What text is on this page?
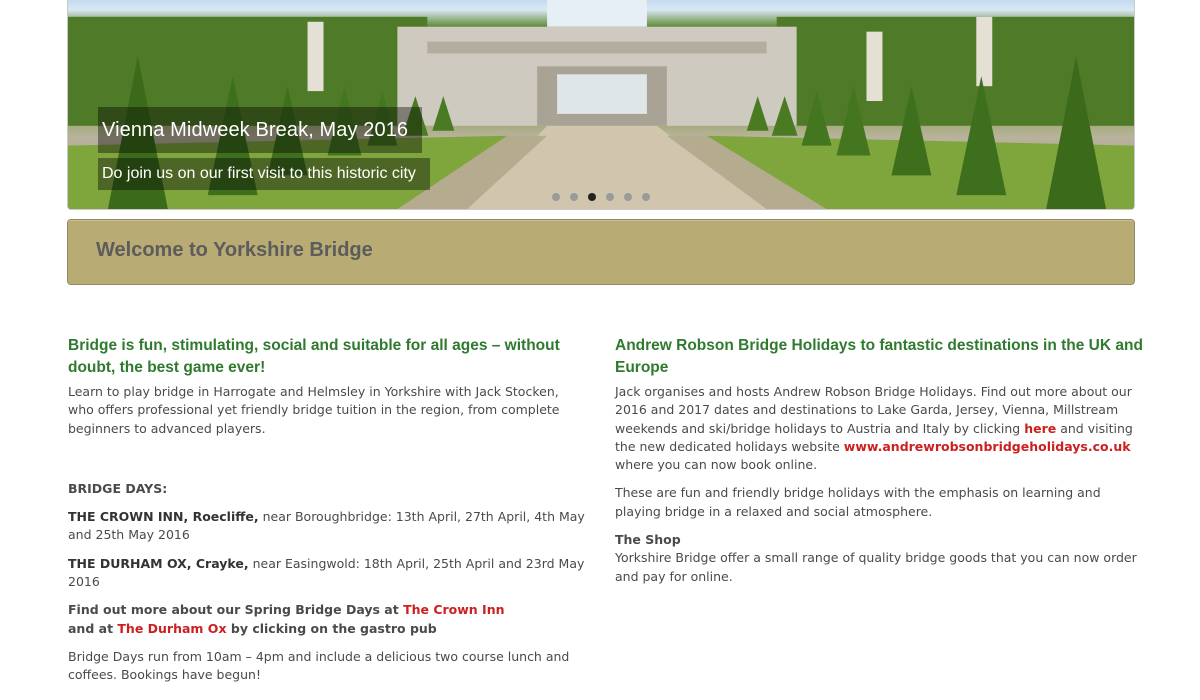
Vienna Midweek Break, May 2016
Do join us on our first visit to this historic city
Welcome to Yorkshire Bridge
Bridge is fun, stimulating, social and suitable for all ages – without doubt, the best game ever!

Learn to play bridge in Harrogate and Helmsley in Yorkshire with Jack Stocken, who offers professional yet friendly bridge tuition in the region, from complete beginners to advanced players.

BRIDGE DAYS:

THE CROWN INN, Roecliffe, near Boroughbridge: 13th April, 27th April, 4th May and 25th May 2016

THE DURHAM OX, Crayke, near Easingwold: 18th April, 25th April and 23rd May 2016

Find out more about our Spring Bridge Days at The Crown Inn and at The Durham Ox by clicking on the gastro pub

Bridge Days run from 10am – 4pm and include a delicious two course lunch and coffees. Bookings have begun!

Andrew Robson Bridge Holidays to fantastic destinations in the UK and Europe

Jack organises and hosts Andrew Robson Bridge Holidays. Find out more about our 2016 and 2017 dates and destinations to Lake Garda, Jersey, Vienna, Millstream weekends and ski/bridge holidays to Austria and Italy by clicking here and visiting the new dedicated holidays website www.andrewrobsonbridgeholidays.co.uk where you can now book online.

These are fun and friendly bridge holidays with the emphasis on learning and playing bridge in a relaxed and social atmosphere.

The Shop

Yorkshire Bridge offer a small range of quality bridge goods that you can now order and pay for online.
